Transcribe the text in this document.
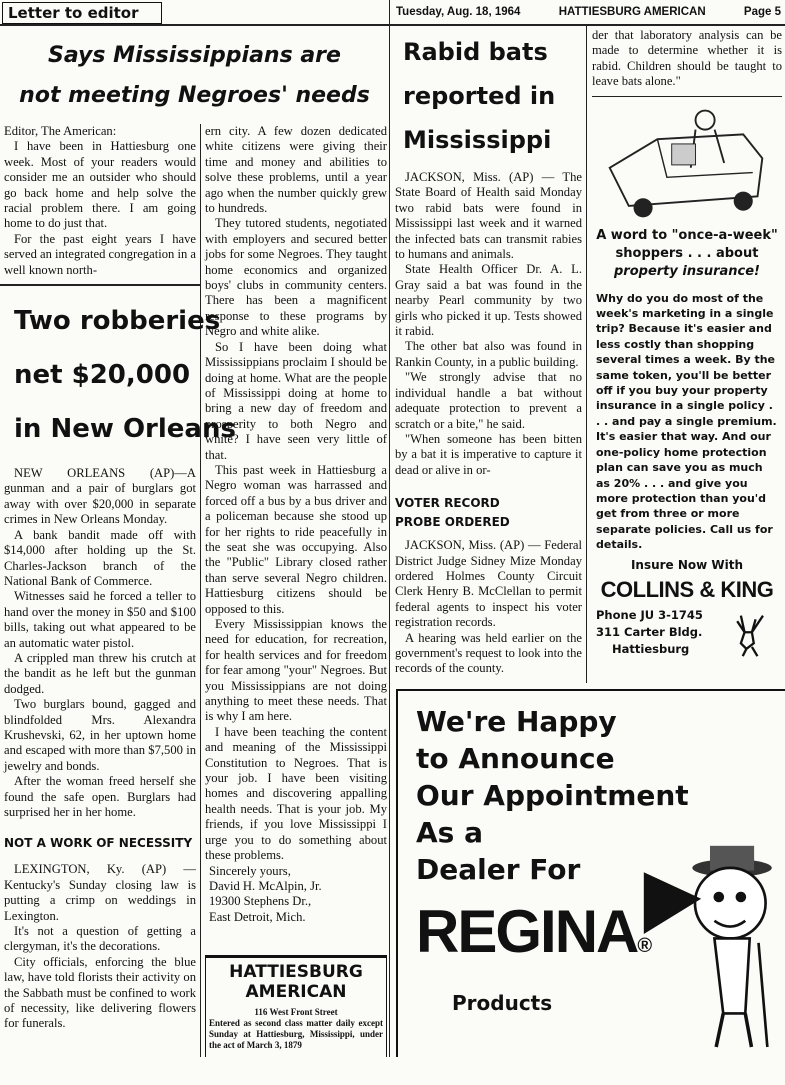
Letter to editor
Says Mississippians are
not meeting Negroes' needs

Editor, The American:

I have been in Hattiesburg one week. Most of your readers would consider me an outsider who should go back home and help solve the racial problem there. I am going home to do just that.

For the past eight years I have served an integrated congregation in a well known north-

Two robberies
net $20,000
in New Orleans

NEW ORLEANS (AP)—A gunman and a pair of burglars got away with over $20,000 in separate crimes in New Orleans Monday.

A bank bandit made off with $14,000 after holding up the St. Charles-Jackson branch of the National Bank of Commerce.

Witnesses said he forced a teller to hand over the money in $50 and $100 bills, taking out what appeared to be an automatic water pistol.

A crippled man threw his crutch at the bandit as he left but the gunman dodged.

Two burglars bound, gagged and blindfolded Mrs. Alexandra Krushevski, 62, in her uptown home and escaped with more than $7,500 in jewelry and bonds.

After the woman freed herself she found the safe open. Burglars had surprised her in her home.

NOT A WORK OF NECESSITY

LEXINGTON, Ky. (AP) — Kentucky's Sunday closing law is putting a crimp on weddings in Lexington.

It's not a question of getting a clergyman, it's the decorations.

City officials, enforcing the blue law, have told florists their activity on the Sabbath must be confined to work of necessity, like delivering flowers for funerals.

ern city. A few dozen dedicated white citizens were giving their time and money and abilities to solve these problems, until a year ago when the number quickly grew to hundreds.

They tutored students, negotiated with employers and secured better jobs for some Negroes. They taught home economics and organized boys' clubs in community centers. There has been a magnificent response to these programs by Negro and white alike.

So I have been doing what Mississippians proclaim I should be doing at home. What are the people of Mississippi doing at home to bring a new day of freedom and prosperity to both Negro and white? I have seen very little of that.

This past week in Hattiesburg a Negro woman was harrassed and forced off a bus by a bus driver and a policeman because she stood up for her rights to ride peacefully in the seat she was occupying. Also the "Public" Library closed rather than serve several Negro children. Hattiesburg citizens should be opposed to this.

Every Mississippian knows the need for education, for recreation, for health services and for freedom for fear among "your" Negroes. But you Mississippians are not doing anything to meet these needs. That is why I am here.

I have been teaching the content and meaning of the Mississippi Constitution to Negroes. That is your job. I have been visiting homes and discovering appalling health needs. That is your job. My friends, if you love Mississippi I urge you to do something about these problems.

Sincerely yours,
David H. McAlpin, Jr.
19300 Stephens Dr.,
East Detroit, Mich.
HATTIESBURG
AMERICAN
116 West Front Street
Entered as second class matter daily except Sunday at Hattiesburg, Mississippi, under the act of March 3, 1879
Tuesday, Aug. 18, 1964	HATTIESBURG AMERICAN	Page 5
Rabid bats
reported in
Mississippi

JACKSON, Miss. (AP) — The State Board of Health said Monday two rabid bats were found in Mississippi last week and it warned the infected bats can transmit rabies to humans and animals.

State Health Officer Dr. A. L. Gray said a bat was found in the nearby Pearl community by two girls who picked it up. Tests showed it rabid.

The other bat also was found in Rankin County, in a public building.

"We strongly advise that no individual handle a bat without adequate protection to prevent a scratch or a bite," he said.

"When someone has been bitten by a bat it is imperative to capture it dead or alive in or-

VOTER RECORD
PROBE ORDERED

JACKSON, Miss. (AP) — Federal District Judge Sidney Mize Monday ordered Holmes County Circuit Clerk Henry B. McClellan to permit federal agents to inspect his voter registration records.

A hearing was held earlier on the government's request to look into the records of the county.

der that laboratory analysis can be made to determine whether it is rabid. Children should be taught to leave bats alone."

A word to "once-a-week"
shoppers . . . about
property insurance!
Why do you do most of the week's marketing in a single trip? Because it's easier and less costly than shopping several times a week. By the same token, you'll be better off if you buy your property insurance in a single policy . . . and pay a single premium. It's easier that way. And our one-policy home protection plan can save you as much as 20% . . . and give you more protection than you'd get from three or more separate policies. Call us for details.
Insure Now With
COLLINS & KING
Phone JU 3-1745
311 Carter Bldg.
Hattiesburg
We're Happy
to Announce
Our Appointment
As a
Dealer For
REGINA®
Products
